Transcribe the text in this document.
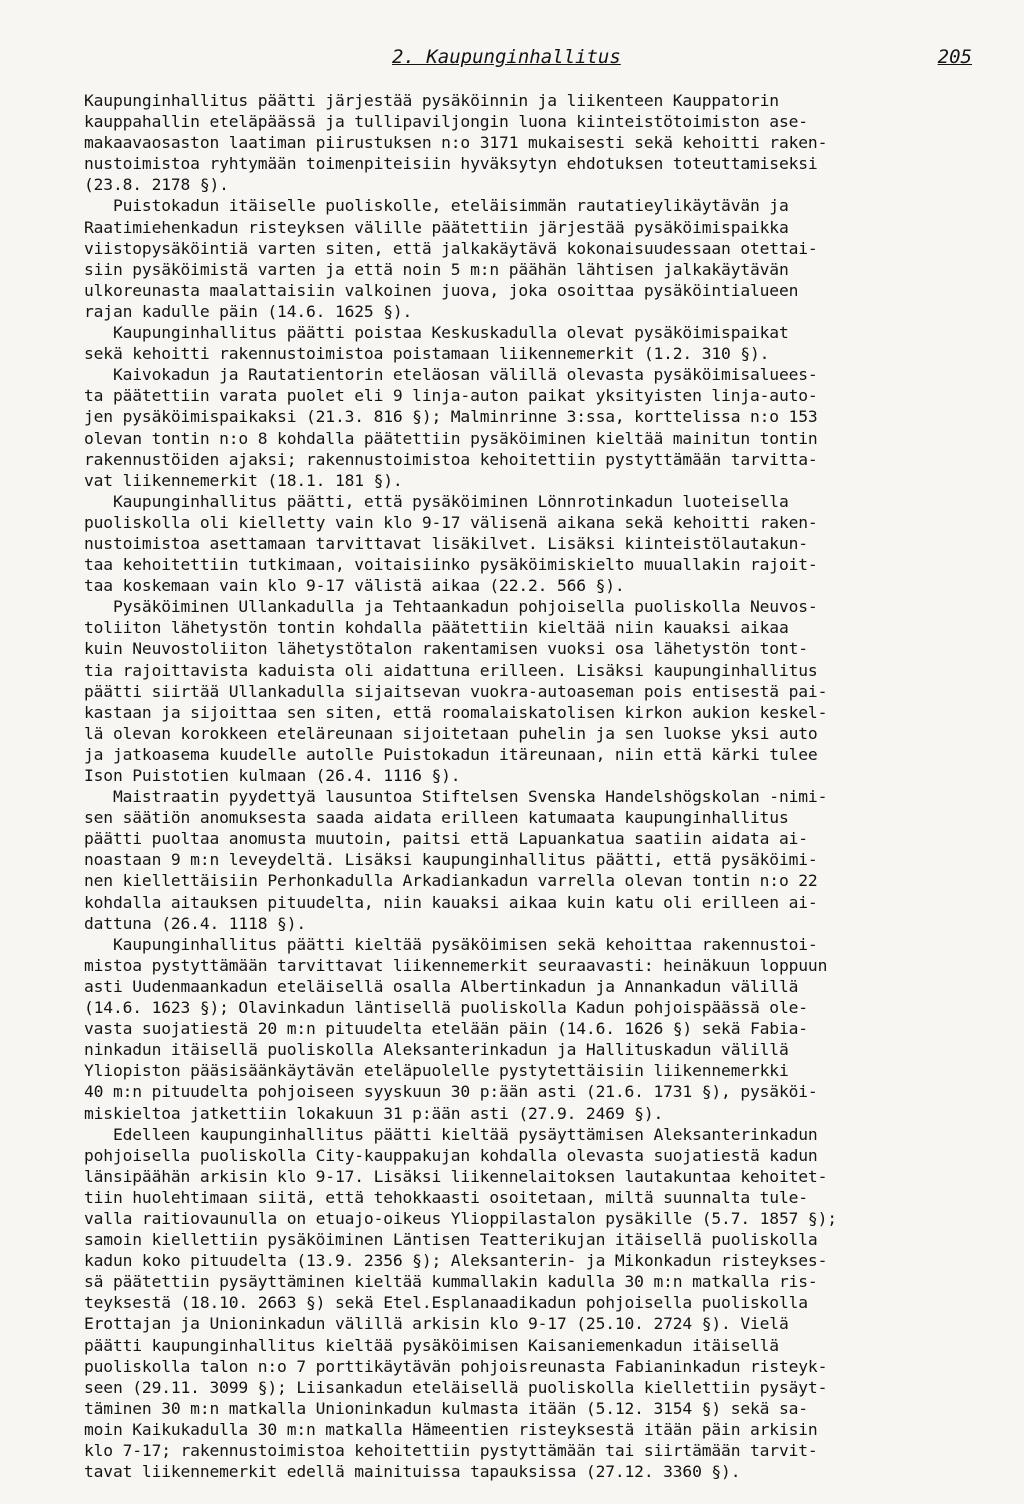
2. Kaupunginhallitus	205
Kaupunginhallitus päätti järjestää pysäköinnin ja liikenteen Kauppatorin
kauppahallin eteläpäässä ja tullipaviljongin luona kiinteistötoimiston ase-
makaavaosaston laatiman piirustuksen n:o 3171 mukaisesti sekä kehoitti raken-
nustoimistoa ryhtymään toimenpiteisiin hyväksytyn ehdotuksen toteuttamiseksi
(23.8. 2178 §).
Puistokadun itäiselle puoliskolle, eteläisimmän rautatieylikäytävän ja
Raatimiehenkadun risteyksen välille päätettiin järjestää pysäköimispaikka
viistopysäköintiä varten siten, että jalkakäytävä kokonaisuudessaan otettai-
siin pysäköimistä varten ja että noin 5 m:n päähän lähtisen jalkakäytävän
ulkoreunasta maalattaisiin valkoinen juova, joka osoittaa pysäköintialueen
rajan kadulle päin (14.6. 1625 §).
Kaupunginhallitus päätti poistaa Keskuskadulla olevat pysäköimispaikat
sekä kehoitti rakennustoimistoa poistamaan liikennemerkit (1.2. 310 §).
Kaivokadun ja Rautatientorin eteläosan välillä olevasta pysäköimisaluees-
ta päätettiin varata puolet eli 9 linja-auton paikat yksityisten linja-auto-
jen pysäköimispaikaksi (21.3. 816 §); Malminrinne 3:ssa, korttelissa n:o 153
olevan tontin n:o 8 kohdalla päätettiin pysäköiminen kieltää mainitun tontin
rakennustöiden ajaksi; rakennustoimistoa kehoitettiin pystyttämään tarvitta-
vat liikennemerkit (18.1. 181 §).
Kaupunginhallitus päätti, että pysäköiminen Lönnrotinkadun luoteisella
puoliskolla oli kielletty vain klo 9-17 välisenä aikana sekä kehoitti raken-
nustoimistoa asettamaan tarvittavat lisäkilvet. Lisäksi kiinteistölautakun-
taa kehoitettiin tutkimaan, voitaisiinko pysäköimiskielto muuallakin rajoit-
taa koskemaan vain klo 9-17 välistä aikaa (22.2. 566 §).
Pysäköiminen Ullankadulla ja Tehtaankadun pohjoisella puoliskolla Neuvos-
toliiton lähetystön tontin kohdalla päätettiin kieltää niin kauaksi aikaa
kuin Neuvostoliiton lähetystötalon rakentamisen vuoksi osa lähetystön tont-
tia rajoittavista kaduista oli aidattuna erilleen. Lisäksi kaupunginhallitus
päätti siirtää Ullankadulla sijaitsevan vuokra-autoaseman pois entisestä pai-
kastaan ja sijoittaa sen siten, että roomalaiskatolisen kirkon aukion keskel-
lä olevan korokkeen eteläreunaan sijoitetaan puhelin ja sen luokse yksi auto
ja jatkoasema kuudelle autolle Puistokadun itäreunaan, niin että kärki tulee
Ison Puistotien kulmaan (26.4. 1116 §).
Maistraatin pyydettyä lausuntoa Stiftelsen Svenska Handelshögskolan -nimi-
sen säätiön anomuksesta saada aidata erilleen katumaata kaupunginhallitus
päätti puoltaa anomusta muutoin, paitsi että Lapuankatua saatiin aidata ai-
noastaan 9 m:n leveydeltä. Lisäksi kaupunginhallitus päätti, että pysäköimi-
nen kiellettäisiin Perhonkadulla Arkadiankadun varrella olevan tontin n:o 22
kohdalla aitauksen pituudelta, niin kauaksi aikaa kuin katu oli erilleen ai-
dattuna (26.4. 1118 §).
Kaupunginhallitus päätti kieltää pysäköimisen sekä kehoittaa rakennustoi-
mistoa pystyttämään tarvittavat liikennemerkit seuraavasti: heinäkuun loppuun
asti Uudenmaankadun eteläisellä osalla Albertinkadun ja Annankadun välillä
(14.6. 1623 §); Olavinkadun läntisellä puoliskolla Kadun pohjoispäässä ole-
vasta suojatiestä 20 m:n pituudelta etelään päin (14.6. 1626 §) sekä Fabia-
ninkadun itäisellä puoliskolla Aleksanterinkadun ja Hallituskadun välillä
Yliopiston pääsisäänkäytävän eteläpuolelle pystytettäisiin liikennemerkki
40 m:n pituudelta pohjoiseen syyskuun 30 p:ään asti (21.6. 1731 §), pysäköi-
miskieltoa jatkettiin lokakuun 31 p:ään asti (27.9. 2469 §).
Edelleen kaupunginhallitus päätti kieltää pysäyttämisen Aleksanterinkadun
pohjoisella puoliskolla City-kauppakujan kohdalla olevasta suojatiestä kadun
länsipäähän arkisin klo 9-17. Lisäksi liikennelaitoksen lautakuntaa kehoitet-
tiin huolehtimaan siitä, että tehokkaasti osoitetaan, miltä suunnalta tule-
valla raitiovaunulla on etuajo-oikeus Ylioppilastalon pysäkille (5.7. 1857 §);
samoin kiellettiin pysäköiminen Läntisen Teatterikujan itäisellä puoliskolla
kadun koko pituudelta (13.9. 2356 §); Aleksanterin- ja Mikonkadun risteykses-
sä päätettiin pysäyttäminen kieltää kummallakin kadulla 30 m:n matkalla ris-
teyksestä (18.10. 2663 §) sekä Etel.Esplanaadikadun pohjoisella puoliskolla
Erottajan ja Unioninkadun välillä arkisin klo 9-17 (25.10. 2724 §). Vielä
päätti kaupunginhallitus kieltää pysäköimisen Kaisaniemenkadun itäisellä
puoliskolla talon n:o 7 porttikäytävän pohjoisreunasta Fabianinkadun risteyk-
seen (29.11. 3099 §); Liisankadun eteläisellä puoliskolla kiellettiin pysäyt-
täminen 30 m:n matkalla Unioninkadun kulmasta itään (5.12. 3154 §) sekä sa-
moin Kaikukadulla 30 m:n matkalla Hämeentien risteyksestä itään päin arkisin
klo 7-17; rakennustoimistoa kehoitettiin pystyttämään tai siirtämään tarvit-
tavat liikennemerkit edellä mainituissa tapauksissa (27.12. 3360 §).
